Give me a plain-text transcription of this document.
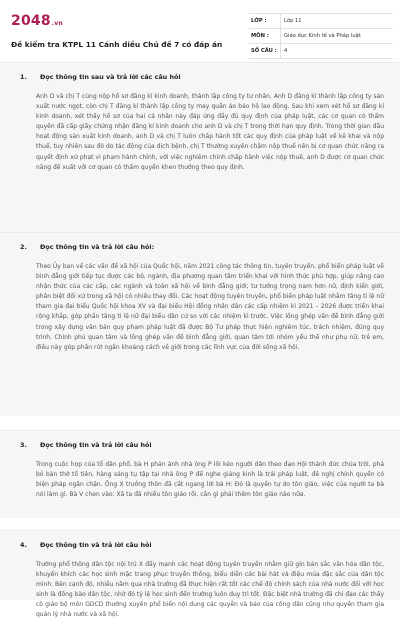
2048.vn
Đề kiểm tra KTPL 11 Cánh diều Chủ đề 7 có đáp án
LỚP :	Lớp 11
MÔN :	Giáo dục Kinh tế và Pháp luật
SỐ CÂU :	4
1. Đọc thông tin sau và trả lời các câu hỏi
Anh D và chị T cùng nộp hồ sơ đăng kí kinh doanh, thành lập công ty tư nhân. Anh D đăng kí thành lập công ty sản xuất nước ngọt, còn chị T đăng kí thành lập công ty may quần áo bảo hộ lao động. Sau khi xem xét hồ sơ đăng kí kinh doanh, xét thấy hồ sơ của hai cá nhân này đáp ứng đầy đủ quy định của pháp luật, các cơ quan có thẩm quyền đã cấp giấy chứng nhận đăng kí kinh doanh cho anh D và chị T trong thời hạn quy định. Trong thời gian đầu hoạt động sản xuất kinh doanh, anh D và chị T luôn chấp hành tốt các quy định của pháp luật về kê khai và nộp thuế, tuy nhiên sau đó do tác động của dịch bệnh, chị T thường xuyên chậm nộp thuế nên bị cơ quan chức năng ra quyết định xử phạt vi phạm hành chính, với việc nghiêm chỉnh chấp hành việc nộp thuế, anh D được cơ quan chức năng đề xuất với cơ quan có thẩm quyền khen thưởng theo quy định.
2. Đọc thông tin và trả lời câu hỏi:
Theo Ủy ban về các vấn đề xã hội của Quốc hội, năm 2021 công tác thông tin, tuyên truyền, phổ biến pháp luật về bình đẳng giới tiếp tục được các bộ, ngành, địa phương quan tâm triển khai với hình thức phù hợp, giúp nâng cao nhận thức của các cấp, các ngành và toàn xã hội về bình đẳng giới; tư tưởng trọng nam hơn nữ, định kiến giới, phân biệt đối xử trong xã hội có nhiều thay đổi. Các hoạt động tuyên truyền, phổ biến pháp luật nhằm tăng tỉ lệ nữ tham gia đại biểu Quốc hội khoa XV và đại biểu Hội đồng nhân dân các cấp nhiệm kì 2021 – 2026 được triển khai rộng khắp, góp phần tăng tỉ lệ nữ đại biểu dân cử so với các nhiệm kì trước. Việc lồng ghép vấn đề bình đẳng giới trong xây dựng văn bản quy phạm pháp luật đã được Bộ Tư pháp thực hiện nghiêm túc, trách nhiệm, đúng quy trình. Chính phủ quan tâm và lồng ghép vấn đề bình đẳng giới, quan tâm tới nhóm yếu thế như phụ nữ, trẻ em, điều này góp phần rút ngắn khoảng cách về giới trong các lĩnh vực của đời sống xã hội.
3. Đọc thông tin và trả lời câu hỏi
Trong cuộc họp của tổ dân phố, bà H phản ánh nhà ông P lôi kéo người dân theo đạo Hội thánh đức chúa trời, phá bỏ bàn thờ tổ tiên, hàng sáng tụ tập tại nhà ông P để nghe giảng kinh là trái pháp luật, đề nghị chính quyền có biện pháp ngăn chặn. Ông X trưởng thôn đã cắt ngang lời bà H: Đó là quyền tự do tôn giáo, việc của người ta bà nói làm gì. Bà V chen vào: Xã ta đã nhiều tôn giáo rồi, cần gì phải thêm tôn giáo nào nữa.
4. Đọc thông tin và trả lời câu hỏi
Trường phổ thông dân tộc nội trú X đẩy mạnh các hoạt động tuyên truyền nhằm giữ gìn bản sắc văn hóa dân tộc, khuyến khích các học sinh mặc trang phục truyền thống, biểu diễn các bài hát và điệu múa đặc sắc của dân tộc mình. Bên cạnh đó, nhiều năm qua nhà trường đã thực hiện rất tốt các chế độ chính sách của nhà nước đối với học sinh là đồng bào dân tộc, nhờ đó tỷ lệ học sinh đến trường luôn duy trì tốt. Đặc biệt nhà trường đã chỉ đạo các thầy cô giáo bộ môn GDCD thường xuyên phổ biến nội dung các quyền và bảo của công dân cũng như quyền tham gia quản lý nhà nước và xã hội.
